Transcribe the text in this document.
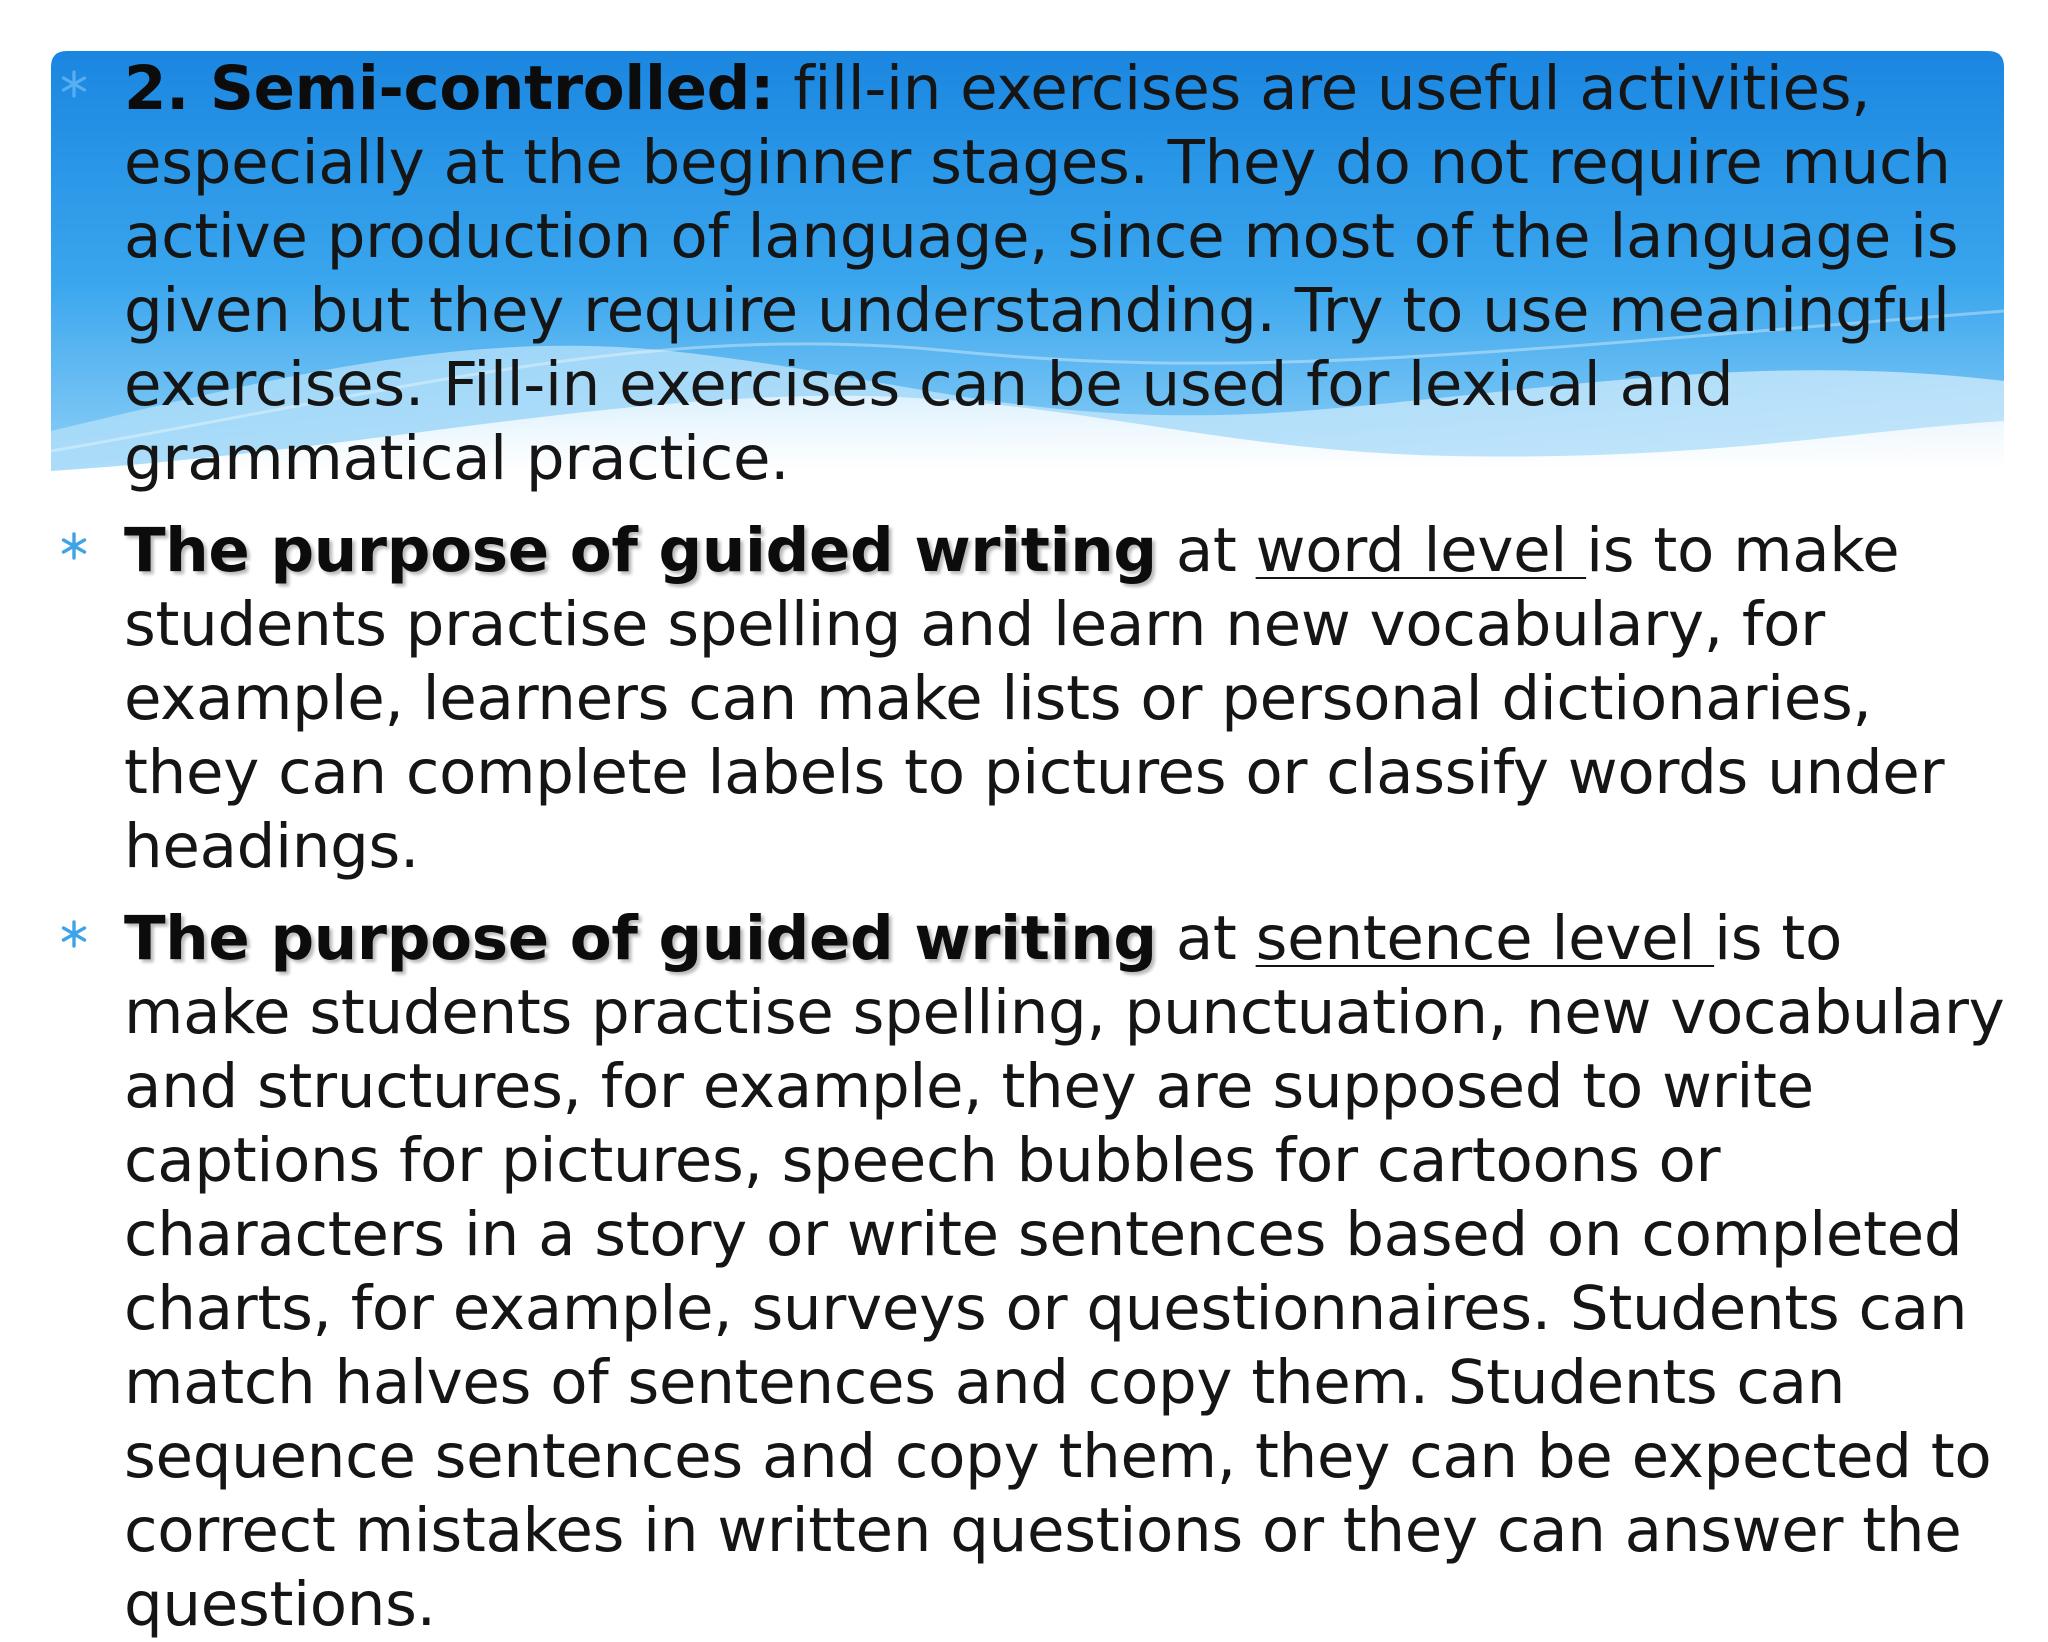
2. Semi-controlled: fill-in exercises are useful activities, especially at the beginner stages. They do not require much active production of language, since most of the language is given but they require understanding. Try to use meaningful exercises. Fill-in exercises can be used for lexical and grammatical practice.

The purpose of guided writing at word level is to make students practise spelling and learn new vocabulary, for example, learners can make lists or personal dictionaries, they can complete labels to pictures or classify words under headings.

The purpose of guided writing at sentence level is to make students practise spelling, punctuation, new vocabulary and structures, for example, they are supposed to write captions for pictures, speech bubbles for cartoons or characters in a story or write sentences based on completed charts, for example, surveys or questionnaires. Students can match halves of sentences and copy them. Students can sequence sentences and copy them, they can be expected to correct mistakes in written questions or they can answer the questions.
